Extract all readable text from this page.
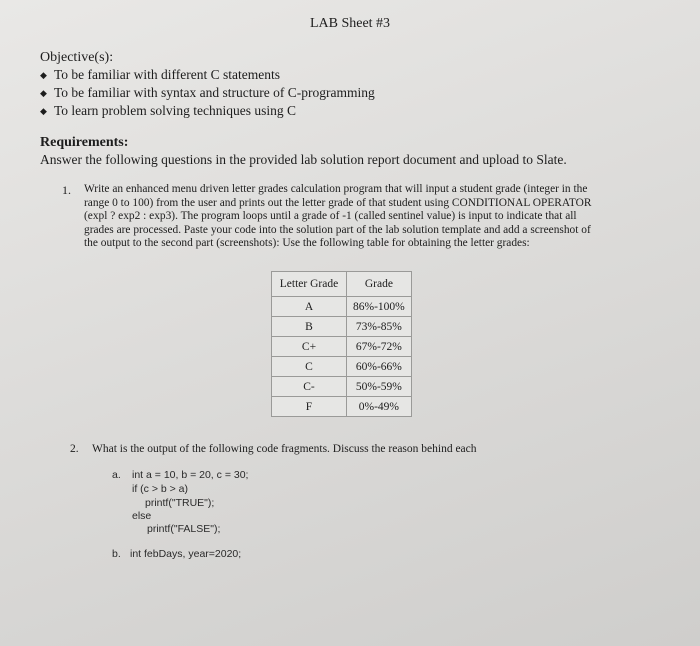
LAB Sheet #3
Objective(s):
◆ To be familiar with different C statements
◆ To be familiar with syntax and structure of C-programming
◆ To learn problem solving techniques using C
Requirements:
Answer the following questions in the provided lab solution report document and upload to Slate.
1. Write an enhanced menu driven letter grades calculation program that will input a student grade (integer in the
range 0 to 100) from the user and prints out the letter grade of that student using CONDITIONAL OPERATOR
(expl ? exp2 : exp3). The program loops until a grade of -1 (called sentinel value) is input to indicate that all
grades are processed. Paste your code into the solution part of the lab solution template and add a screenshot of
the output to the second part (screenshots): Use the following table for obtaining the letter grades:
Letter Grade	Grade
A	86%-100%
B	73%-85%
C+	67%-72%
C	60%-66%
C-	50%-59%
F	0%-49%
2. What is the output of the following code fragments. Discuss the reason behind each
a. int a = 10, b = 20, c = 30;
if (c > b > a)
printf("TRUE");
else
printf("FALSE");
b. int febDays, year=2020;
